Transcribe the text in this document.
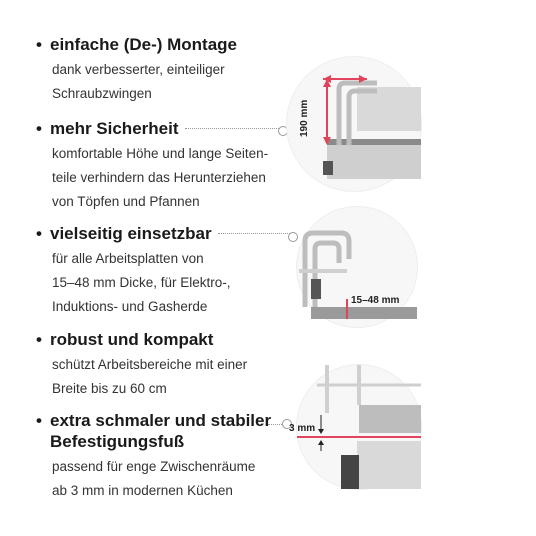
• einfache (De-) Montage
dank verbesserter, einteiliger
Schraubzwingen
• mehr Sicherheit
komfortable Höhe und lange Seiten-
teile verhindern das Herunterziehen
von Töpfen und Pfannen
• vielseitig einsetzbar
für alle Arbeitsplatten von
15–48 mm Dicke, für Elektro-,
Induktions- und Gasherde
• robust und kompakt
schützt Arbeitsbereiche mit einer
Breite bis zu 60 cm
• extra schmaler und stabiler
Befestigungsfuß
passend für enge Zwischenräume
ab 3 mm in modernen Küchen
190 mm
15–48 mm
3 mm
